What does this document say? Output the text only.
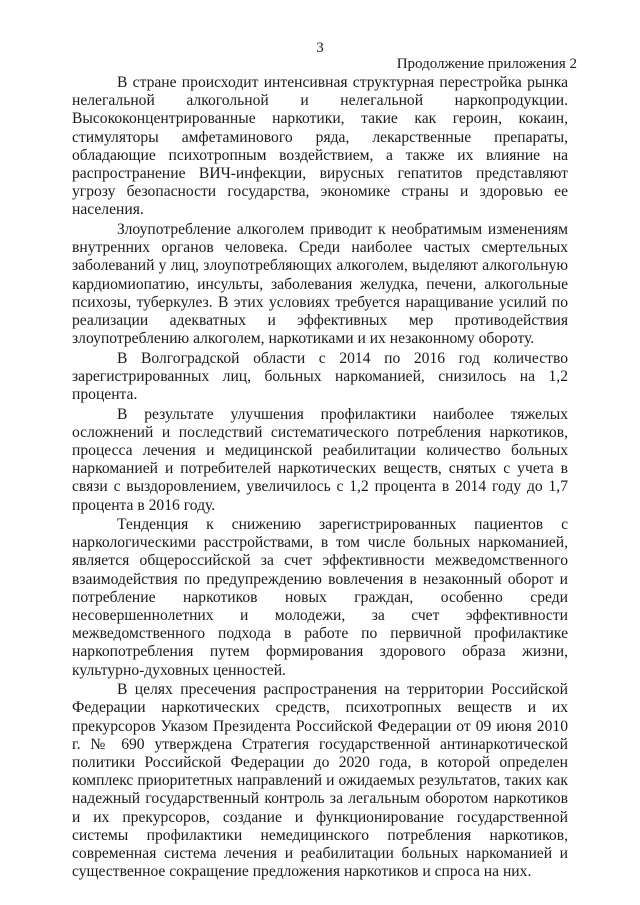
3
Продолжение приложения 2

В стране происходит интенсивная структурная перестройка рынка нелегальной алкогольной и нелегальной наркопродукции. Высококонцентрированные наркотики, такие как героин, кокаин, стимуляторы амфетаминового ряда, лекарственные препараты, обладающие психотропным воздействием, а также их влияние на распространение ВИЧ-инфекции, вирусных гепатитов представляют угрозу безопасности государства, экономике страны и здоровью ее населения.

Злоупотребление алкоголем приводит к необратимым изменениям внутренних органов человека. Среди наиболее частых смертельных заболеваний у лиц, злоупотребляющих алкоголем, выделяют алкогольную кардиомиопатию, инсульты, заболевания желудка, печени, алкогольные психозы, туберкулез. В этих условиях требуется наращивание усилий по реализации адекватных и эффективных мер противодействия злоупотреблению алкоголем, наркотиками и их незаконному обороту.

В Волгоградской области с 2014 по 2016 год количество зарегистрированных лиц, больных наркоманией, снизилось на 1,2 процента.

В результате улучшения профилактики наиболее тяжелых осложнений и последствий систематического потребления наркотиков, процесса лечения и медицинской реабилитации количество больных наркоманией и потребителей наркотических веществ, снятых с учета в связи с выздоровлением, увеличилось с 1,2 процента в 2014 году до 1,7 процента в 2016 году.

Тенденция к снижению зарегистрированных пациентов с наркологическими расстройствами, в том числе больных наркоманией, является общероссийской за счет эффективности межведомственного взаимодействия по предупреждению вовлечения в незаконный оборот и потребление наркотиков новых граждан, особенно среди несовершеннолетних и молодежи, за счет эффективности межведомственного подхода в работе по первичной профилактике наркопотребления путем формирования здорового образа жизни, культурно-духовных ценностей.

В целях пресечения распространения на территории Российской Федерации наркотических средств, психотропных веществ и их прекурсоров Указом Президента Российской Федерации от 09 июня 2010 г. № 690 утверждена Стратегия государственной антинаркотической политики Российской Федерации до 2020 года, в которой определен комплекс приоритетных направлений и ожидаемых результатов, таких как надежный государственный контроль за легальным оборотом наркотиков и их прекурсоров, создание и функционирование государственной системы профилактики немедицинского потребления наркотиков, современная система лечения и реабилитации больных наркоманией и существенное сокращение предложения наркотиков и спроса на них.
